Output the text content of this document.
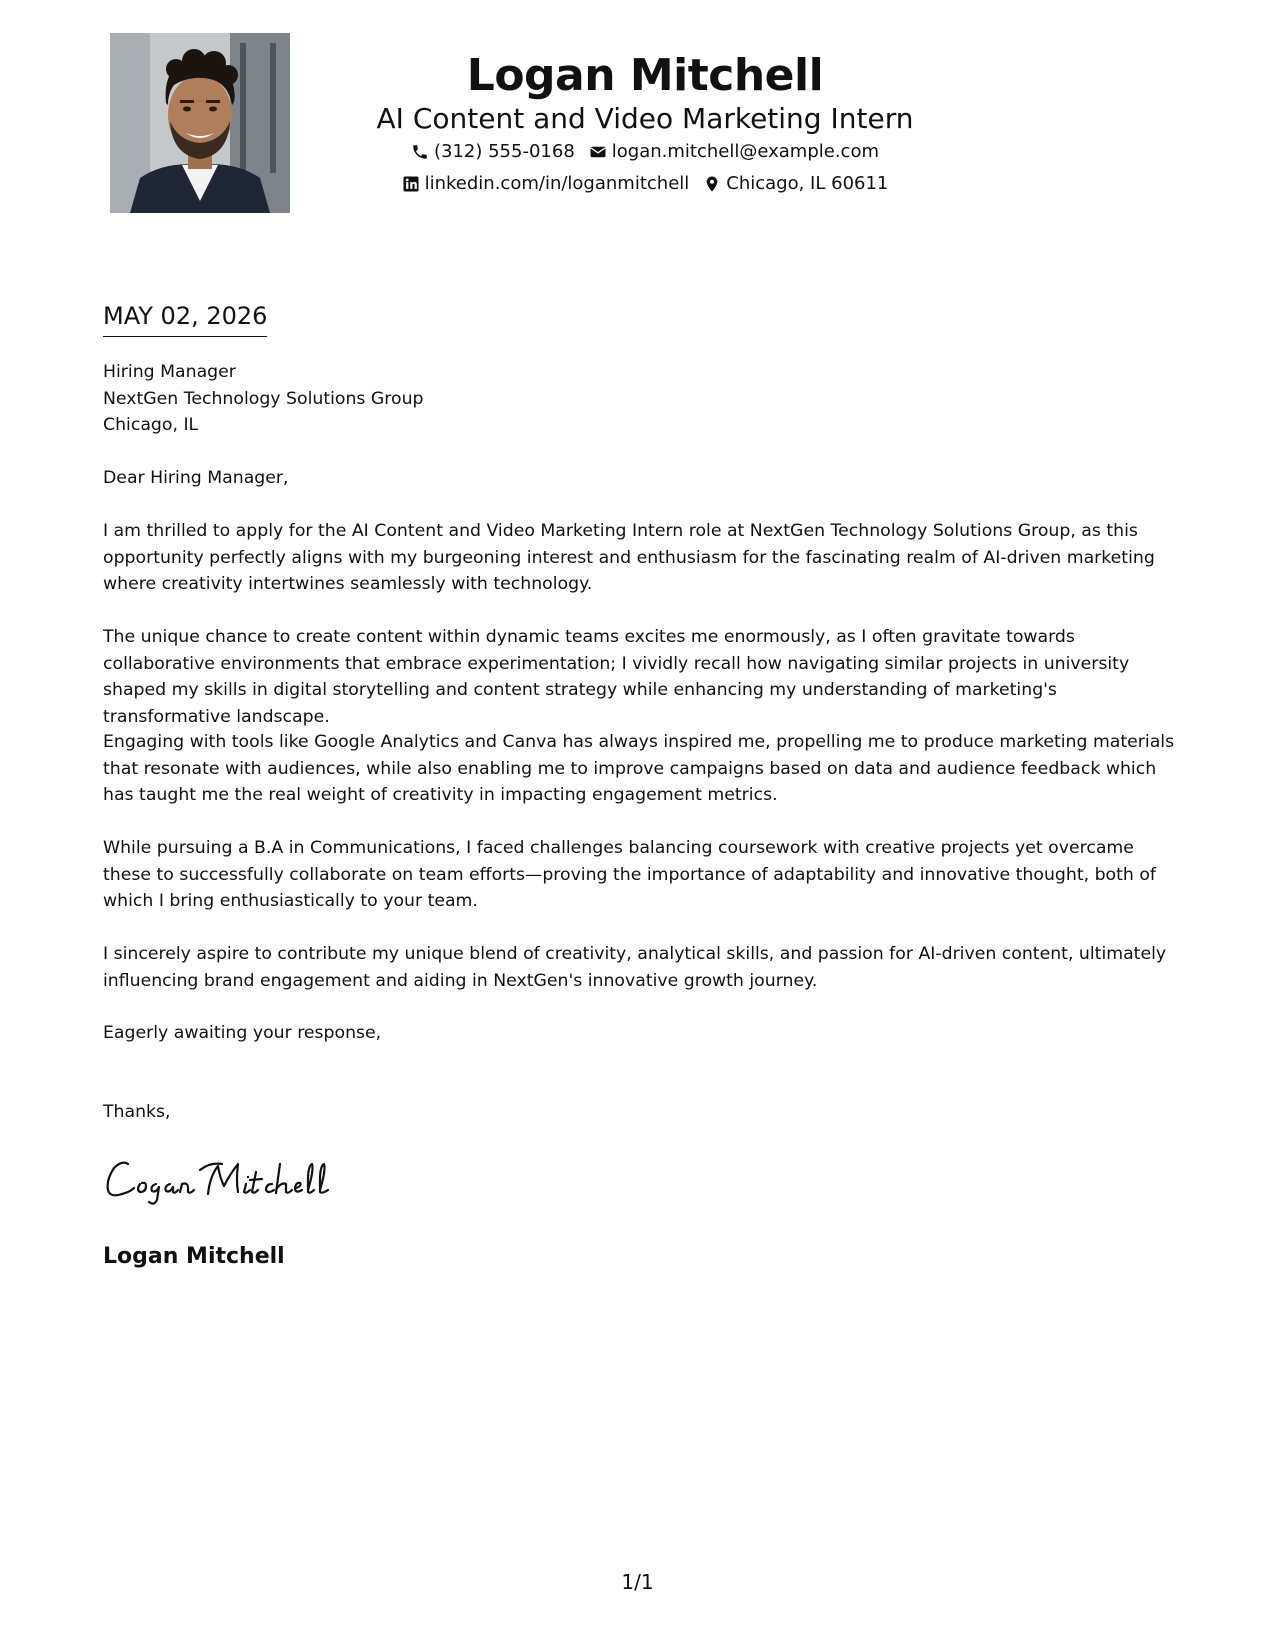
Logan Mitchell
AI Content and Video Marketing Intern
(312) 555-0168 logan.mitchell@example.com
linkedin.com/in/loganmitchell Chicago, IL 60611
MAY 02, 2026
Hiring Manager
NextGen Technology Solutions Group
Chicago, IL
Dear Hiring Manager,

I am thrilled to apply for the AI Content and Video Marketing Intern role at NextGen Technology Solutions Group, as this opportunity perfectly aligns with my burgeoning interest and enthusiasm for the fascinating realm of AI-driven marketing where creativity intertwines seamlessly with technology.

The unique chance to create content within dynamic teams excites me enormously, as I often gravitate towards collaborative environments that embrace experimentation; I vividly recall how navigating similar projects in university shaped my skills in digital storytelling and content strategy while enhancing my understanding of marketing's transformative landscape.

Engaging with tools like Google Analytics and Canva has always inspired me, propelling me to produce marketing materials that resonate with audiences, while also enabling me to improve campaigns based on data and audience feedback which has taught me the real weight of creativity in impacting engagement metrics.

While pursuing a B.A in Communications, I faced challenges balancing coursework with creative projects yet overcame these to successfully collaborate on team efforts—proving the importance of adaptability and innovative thought, both of which I bring enthusiastically to your team.

I sincerely aspire to contribute my unique blend of creativity, analytical skills, and passion for AI-driven content, ultimately influencing brand engagement and aiding in NextGen's innovative growth journey.

Eagerly awaiting your response,
Thanks,
Logan Mitchell
1/1
